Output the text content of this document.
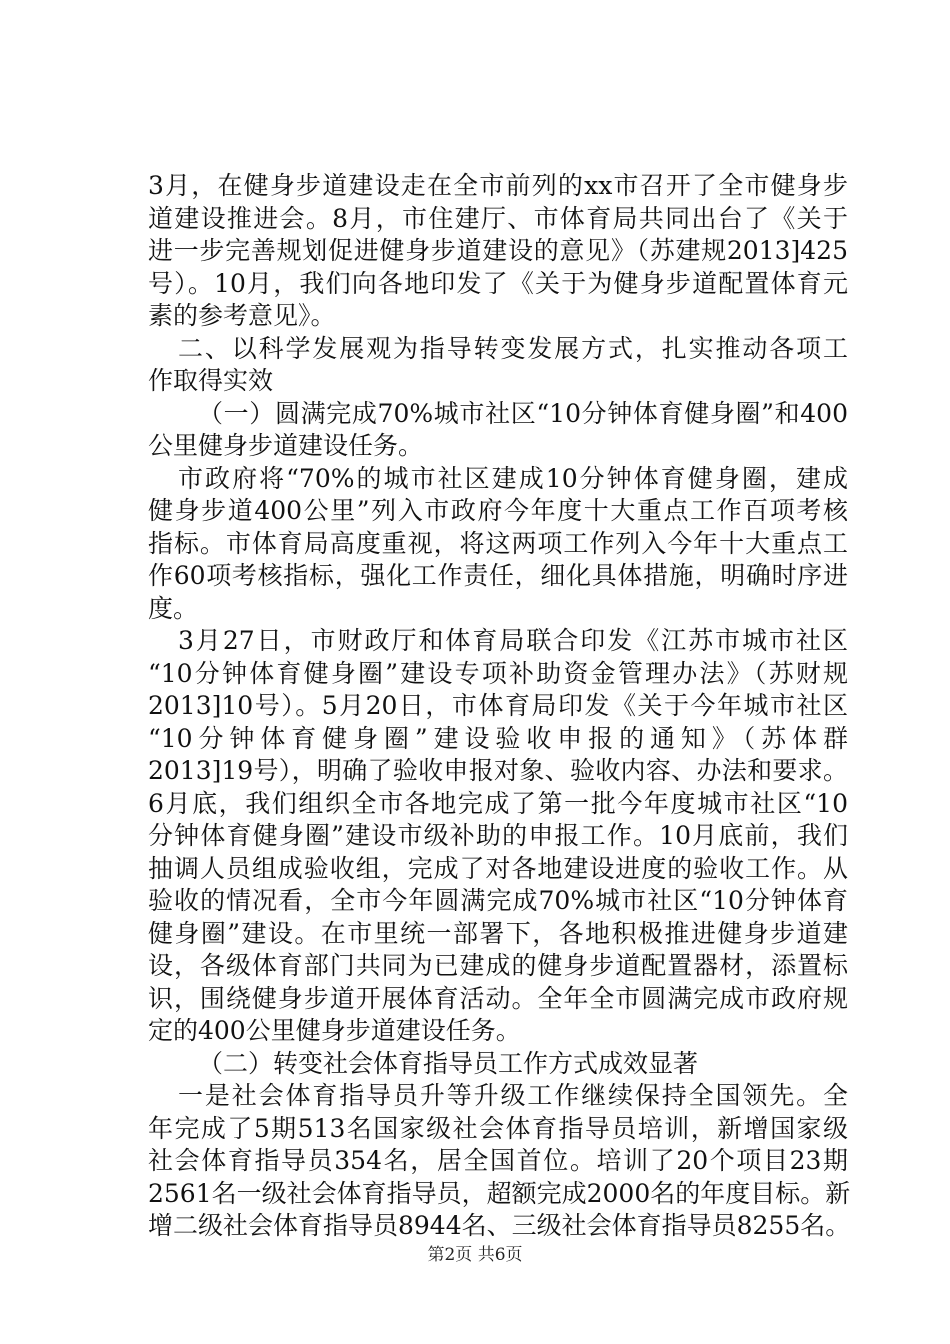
3月，在健身步道建设走在全市前列的xx市召开了全市健身步
道建设推进会。8月，市住建厅、市体育局共同出台了《关于
进一步完善规划促进健身步道建设的意见》（苏建规2013]425
号）。10月，我们向各地印发了《关于为健身步道配置体育元
素的参考意见》。
二、以科学发展观为指导转变发展方式，扎实推动各项工
作取得实效
（一）圆满完成70%城市社区“10分钟体育健身圈”和400
公里健身步道建设任务。
市政府将“70%的城市社区建成10分钟体育健身圈，建成
健身步道400公里”列入市政府今年度十大重点工作百项考核
指标。市体育局高度重视，将这两项工作列入今年十大重点工
作60项考核指标，强化工作责任，细化具体措施，明确时序进
度。
3月27日，市财政厅和体育局联合印发《江苏市城市社区
“10分钟体育健身圈”建设专项补助资金管理办法》（苏财规
2013]10号）。5月20日，市体育局印发《关于今年城市社区
“10分钟体育健身圈”建设验收申报的通知》（苏体群
2013]19号），明确了验收申报对象、验收内容、办法和要求。
6月底，我们组织全市各地完成了第一批今年度城市社区“10
分钟体育健身圈”建设市级补助的申报工作。10月底前，我们
抽调人员组成验收组，完成了对各地建设进度的验收工作。从
验收的情况看，全市今年圆满完成70%城市社区“10分钟体育
健身圈”建设。在市里统一部署下，各地积极推进健身步道建
设，各级体育部门共同为已建成的健身步道配置器材，添置标
识，围绕健身步道开展体育活动。全年全市圆满完成市政府规
定的400公里健身步道建设任务。
（二）转变社会体育指导员工作方式成效显著
一是社会体育指导员升等升级工作继续保持全国领先。全
年完成了5期513名国家级社会体育指导员培训，新增国家级
社会体育指导员354名，居全国首位。培训了20个项目23期
2561名一级社会体育指导员，超额完成2000名的年度目标。新
增二级社会体育指导员8944名、三级社会体育指导员8255名。
第2页 共6页
